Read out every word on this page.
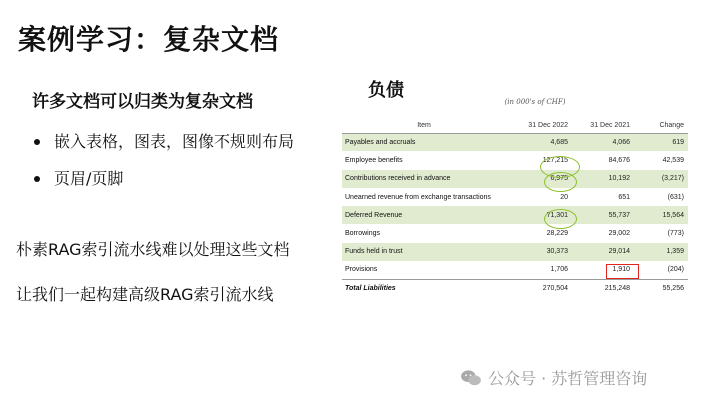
案例学习：复杂文档
许多文档可以归类为复杂文档
嵌入表格，图表，图像不规则布局
页眉/页脚
朴素RAG索引流水线难以处理这些文档
让我们一起构建高级RAG索引流水线
负债
(in 000's of CHF)
Item	31 Dec 2022	31 Dec 2021	Change
Payables and accruals	4,685	4,066	619
Employee benefits	127,215	84,676	42,539
Contributions received in advance	6,975	10,192	(3,217)
Unearned revenue from exchange transactions	20	651	(631)
Deferred Revenue	71,301	55,737	15,564
Borrowings	28,229	29,002	(773)
Funds held in trust	30,373	29,014	1,359
Provisions	1,706	1,910	(204)
Total Liabilities	270,504	215,248	55,256
公众号 · 苏哲管理咨询
